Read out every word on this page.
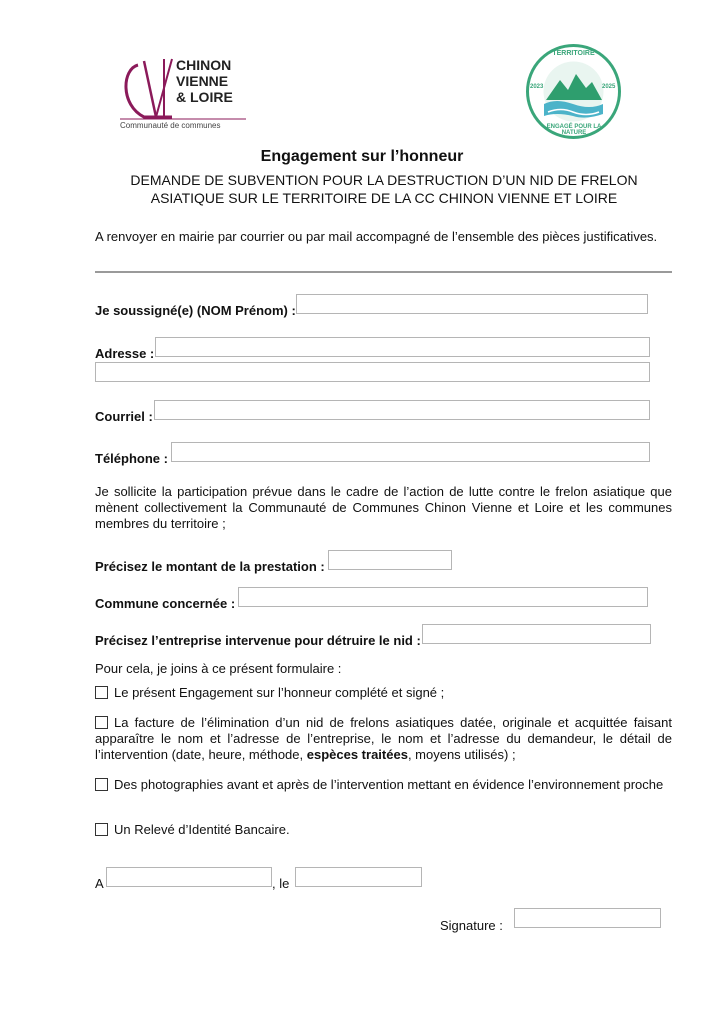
CHINON
VIENNE
& LOIRE
Communauté de communes
TERRITOIRE
2023	2025
ENGAGÉ POUR LA NATURE
Engagement sur l’honneur
DEMANDE DE SUBVENTION POUR LA DESTRUCTION D’UN NID DE FRELON
ASIATIQUE SUR LE TERRITOIRE DE LA CC CHINON VIENNE ET LOIRE
A renvoyer en mairie par courrier ou par mail accompagné de l’ensemble des pièces justificatives.
Je soussigné(e) (NOM Prénom) :
Adresse :
Courriel :
Téléphone :
Je sollicite la participation prévue dans le cadre de l’action de lutte contre le frelon asiatique que mènent collectivement la Communauté de Communes Chinon Vienne et Loire et les communes membres du territoire ;
Précisez le montant de la prestation :
Commune concernée :
Précisez l’entreprise intervenue pour détruire le nid :
Pour cela, je joins à ce présent formulaire :
Le présent Engagement sur l’honneur complété et signé ;
La facture de l’élimination d’un nid de frelons asiatiques datée, originale et acquittée faisant apparaître le nom et l’adresse de l’entreprise, le nom et l’adresse du demandeur, le détail de l’intervention (date, heure, méthode, espèces traitées, moyens utilisés) ;
Des photographies avant et après de l’intervention mettant en évidence l’environnement proche
Un Relevé d’Identité Bancaire.
A	, le
Signature :
